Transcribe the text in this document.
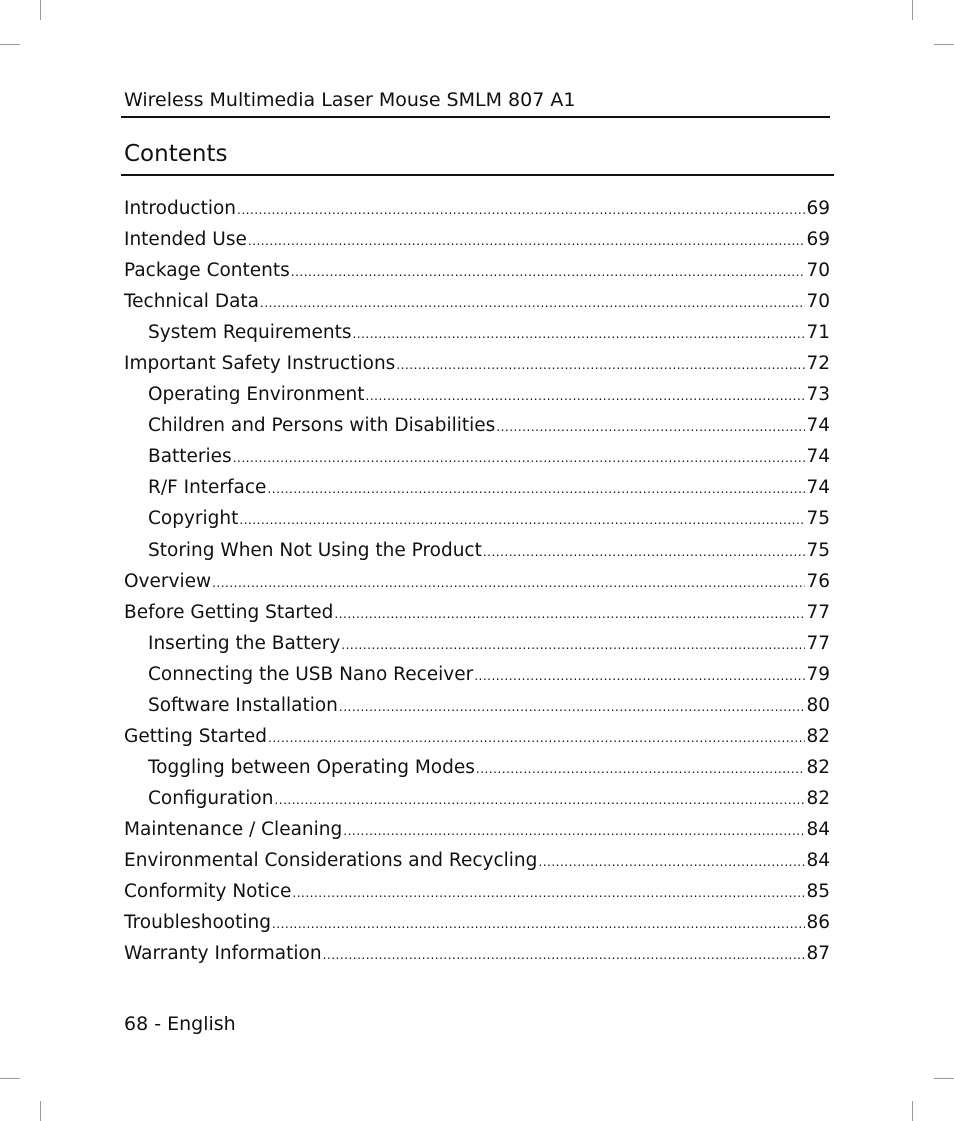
Wireless Multimedia Laser Mouse SMLM 807 A1
Contents
Introduction .....	69
Intended Use .....	69
Package Contents .....	70
Technical Data .....	70
System Requirements .....	71
Important Safety Instructions .....	72
Operating Environment .....	73
Children and Persons with Disabilities .....	74
Batteries .....	74
R/F Interface .....	74
Copyright .....	75
Storing When Not Using the Product .....	75
Overview .....	76
Before Getting Started .....	77
Inserting the Battery .....	77
Connecting the USB Nano Receiver .....	79
Software Installation .....	80
Getting Started .....	82
Toggling between Operating Modes .....	82
Configuration .....	82
Maintenance / Cleaning .....	84
Environmental Considerations and Recycling .....	84
Conformity Notice .....	85
Troubleshooting .....	86
Warranty Information .....	87
68 - English
